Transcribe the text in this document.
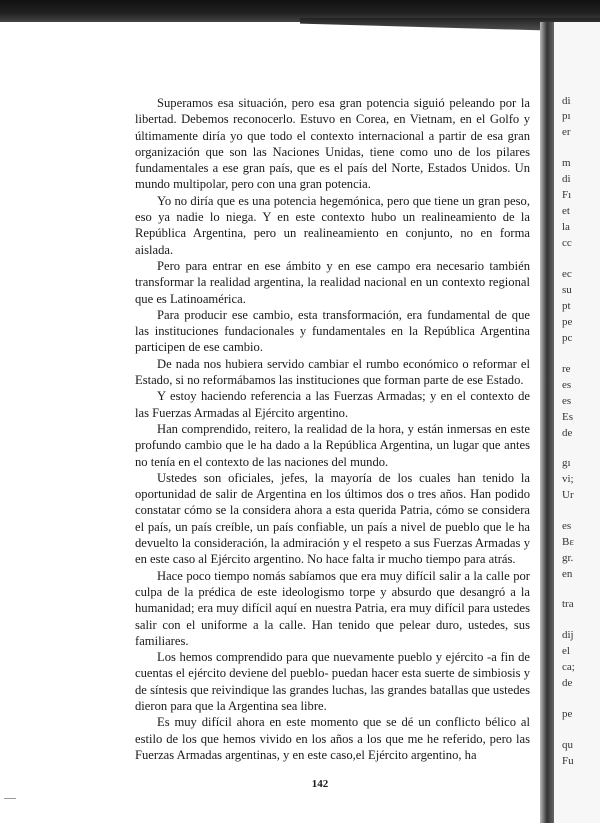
Superamos esa situación, pero esa gran potencia siguió peleando por la libertad. Debemos reconocerlo. Estuvo en Corea, en Vietnam, en el Golfo y últimamente diría yo que todo el contexto internacional a partir de esa gran organización que son las Naciones Unidas, tiene como uno de los pilares fundamentales a ese gran país, que es el país del Norte, Estados Unidos. Un mundo multipolar, pero con una gran potencia.

Yo no diría que es una potencia hegemónica, pero que tiene un gran peso, eso ya nadie lo niega. Y en este contexto hubo un realineamiento de la República Argentina, pero un realineamiento en conjunto, no en forma aislada.

Pero para entrar en ese ámbito y en ese campo era necesario también transformar la realidad argentina, la realidad nacional en un contexto regional que es Latinoamérica.

Para producir ese cambio, esta transformación, era fundamental de que las instituciones fundacionales y fundamentales en la República Argentina participen de ese cambio.

De nada nos hubiera servido cambiar el rumbo económico o reformar el Estado, si no reformábamos las instituciones que forman parte de ese Estado.

Y estoy haciendo referencia a las Fuerzas Armadas; y en el contexto de las Fuerzas Armadas al Ejército argentino.

Han comprendido, reitero, la realidad de la hora, y están inmersas en este profundo cambio que le ha dado a la República Argentina, un lugar que antes no tenía en el contexto de las naciones del mundo.

Ustedes son oficiales, jefes, la mayoría de los cuales han tenido la oportunidad de salir de Argentina en los últimos dos o tres años. Han podido constatar cómo se la considera ahora a esta querida Patria, cómo se considera el país, un país creíble, un país confiable, un país a nivel de pueblo que le ha devuelto la consideración, la admiración y el respeto a sus Fuerzas Armadas y en este caso al Ejército argentino. No hace falta ir mucho tiempo para atrás.

Hace poco tiempo nomás sabíamos que era muy difícil salir a la calle por culpa de la prédica de este ideologismo torpe y absurdo que desangró a la humanidad; era muy difícil aquí en nuestra Patria, era muy difícil para ustedes salir con el uniforme a la calle. Han tenido que pelear duro, ustedes, sus familiares.

Los hemos comprendido para que nuevamente pueblo y ejército -a fin de cuentas el ejército deviene del pueblo- puedan hacer esta suerte de simbiosis y de síntesis que reivindique las grandes luchas, las grandes batallas que ustedes dieron para que la Argentina sea libre.

Es muy difícil ahora en este momento que se dé un conflicto bélico al estilo de los que hemos vivido en los años a los que me he referido, pero las Fuerzas Armadas argentinas, y en este caso,el Ejército argentino, ha

142
di
pı
er
m
di
Fı
et
la
cc
ec
su
pt
pe
pc
re
es
es
Es
de
gı
vi;
Ur
es
Bε
gr.
en
tra
dij
el
ca;
de
pe
qu
Fu
